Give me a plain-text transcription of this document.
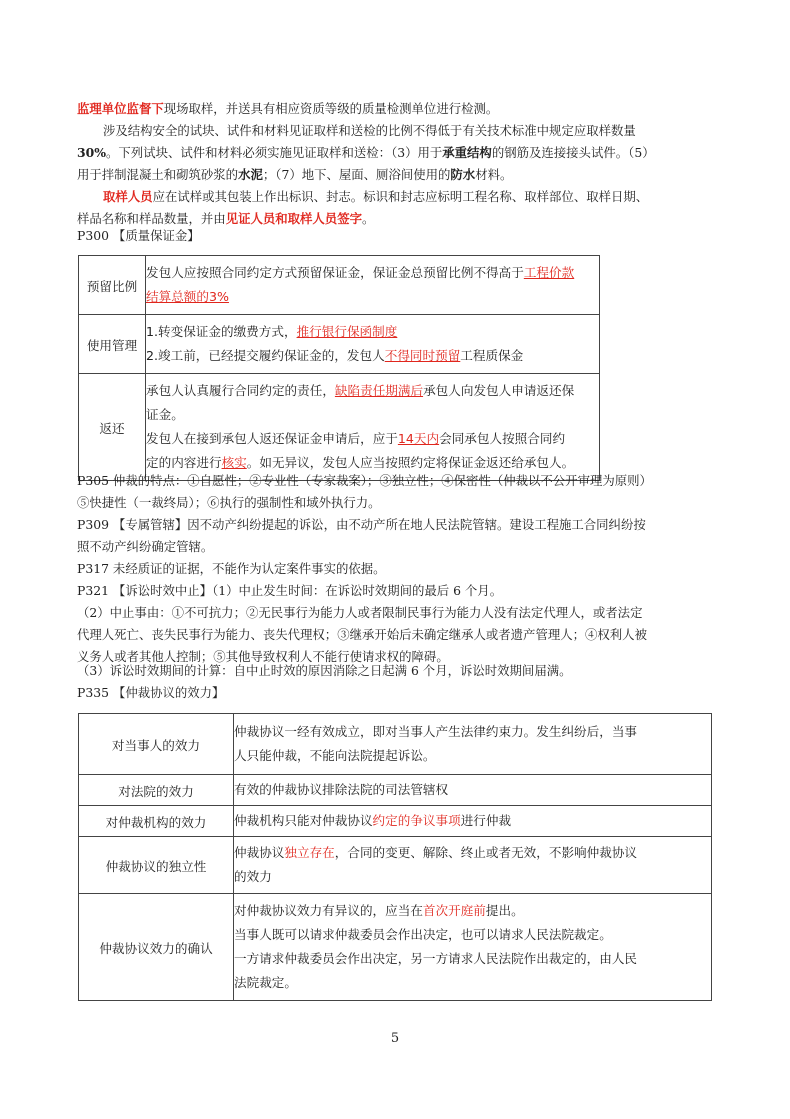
监理单位监督下现场取样，并送具有相应资质等级的质量检测单位进行检测。
涉及结构安全的试块、试件和材料见证取样和送检的比例不得低于有关技术标准中规定应取样数量
30%。下列试块、试件和材料必须实施见证取样和送检：（3）用于承重结构的钢筋及连接接头试件。（5）
用于拌制混凝土和砌筑砂浆的水泥；（7）地下、屋面、厕浴间使用的防水材料。
取样人员应在试样或其包装上作出标识、封志。标识和封志应标明工程名称、取样部位、取样日期、
样品名称和样品数量，并由见证人员和取样人员签字。
P300 【质量保证金】
预留比例	发包人应按照合同约定方式预留保证金，保证金总预留比例不得高于工程价款
结算总额的3%
使用管理	1.转变保证金的缴费方式，推行银行保函制度
2.竣工前，已经提交履约保证金的，发包人不得同时预留工程质保金
返还	承包人认真履行合同约定的责任，缺陷责任期满后承包人向发包人申请返还保
证金。
发包人在接到承包人返还保证金申请后，应于14天内会同承包人按照合同约
定的内容进行核实。如无异议，发包人应当按照约定将保证金返还给承包人。
P305 仲裁的特点：①自愿性；②专业性（专家裁案）；③独立性；④保密性（仲裁以不公开审理为原则）
⑤快捷性（一裁终局）；⑥执行的强制性和域外执行力。
P309 【专属管辖】因不动产纠纷提起的诉讼，由不动产所在地人民法院管辖。建设工程施工合同纠纷按
照不动产纠纷确定管辖。
P317 未经质证的证据，不能作为认定案件事实的依据。
P321 【诉讼时效中止】（1）中止发生时间：在诉讼时效期间的最后 6 个月。
（2）中止事由：①不可抗力；②无民事行为能力人或者限制民事行为能力人没有法定代理人，或者法定
代理人死亡、丧失民事行为能力、丧失代理权；③继承开始后未确定继承人或者遗产管理人；④权利人被
义务人或者其他人控制；⑤其他导致权利人不能行使请求权的障碍。
（3）诉讼时效期间的计算：自中止时效的原因消除之日起满 6 个月，诉讼时效期间届满。
P335 【仲裁协议的效力】
对当事人的效力	仲裁协议一经有效成立，即对当事人产生法律约束力。发生纠纷后，当事
人只能仲裁，不能向法院提起诉讼。
对法院的效力	有效的仲裁协议排除法院的司法管辖权
对仲裁机构的效力	仲裁机构只能对仲裁协议约定的争议事项进行仲裁
仲裁协议的独立性	仲裁协议独立存在，合同的变更、解除、终止或者无效，不影响仲裁协议
的效力
仲裁协议效力的确认	对仲裁协议效力有异议的，应当在首次开庭前提出。
当事人既可以请求仲裁委员会作出决定，也可以请求人民法院裁定。
一方请求仲裁委员会作出决定，另一方请求人民法院作出裁定的，由人民
法院裁定。
5
